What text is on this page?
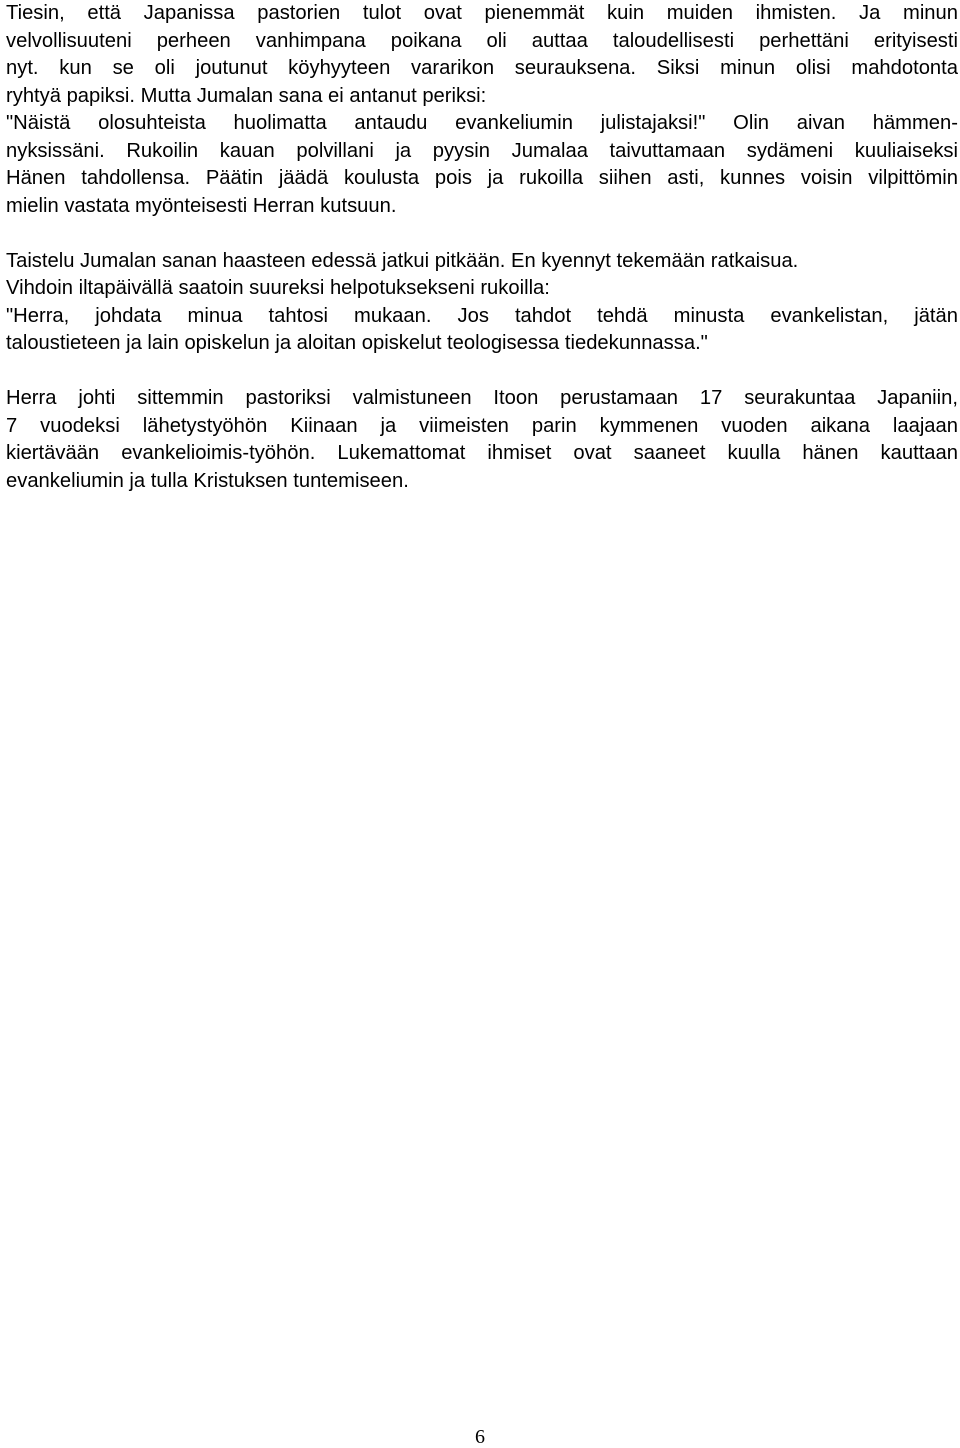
Tiesin, että Japanissa pastorien tulot ovat pienemmät kuin muiden ihmisten. Ja minun
velvollisuuteni perheen vanhimpana poikana oli auttaa taloudellisesti perhettäni erityisesti
nyt. kun se oli joutunut köyhyyteen vararikon seurauksena. Siksi minun olisi mahdotonta
ryhtyä papiksi. Mutta Jumalan sana ei antanut periksi:
"Näistä olosuhteista huolimatta antaudu evankeliumin julistajaksi!" Olin aivan hämmen-
nyksissäni. Rukoilin kauan polvillani ja pyysin Jumalaa taivuttamaan sydämeni kuuliaiseksi
Hänen tahdollensa. Päätin jäädä koulusta pois ja rukoilla siihen asti, kunnes voisin vilpittömin
mielin vastata myönteisesti Herran kutsuun.
Taistelu Jumalan sanan haasteen edessä jatkui pitkään. En kyennyt tekemään ratkaisua.
Vihdoin iltapäivällä saatoin suureksi helpotuksekseni rukoilla:
"Herra, johdata minua tahtosi mukaan. Jos tahdot tehdä minusta evankelistan, jätän
taloustieteen ja lain opiskelun ja aloitan opiskelut teologisessa tiedekunnassa."
Herra johti sittemmin pastoriksi valmistuneen Itoon perustamaan 17 seurakuntaa Japaniin,
7 vuodeksi lähetystyöhön Kiinaan ja viimeisten parin kymmenen vuoden aikana laajaan
kiertävään evankelioimis-työhön. Lukemattomat ihmiset ovat saaneet kuulla hänen kauttaan
evankeliumin ja tulla Kristuksen tuntemiseen.
6
